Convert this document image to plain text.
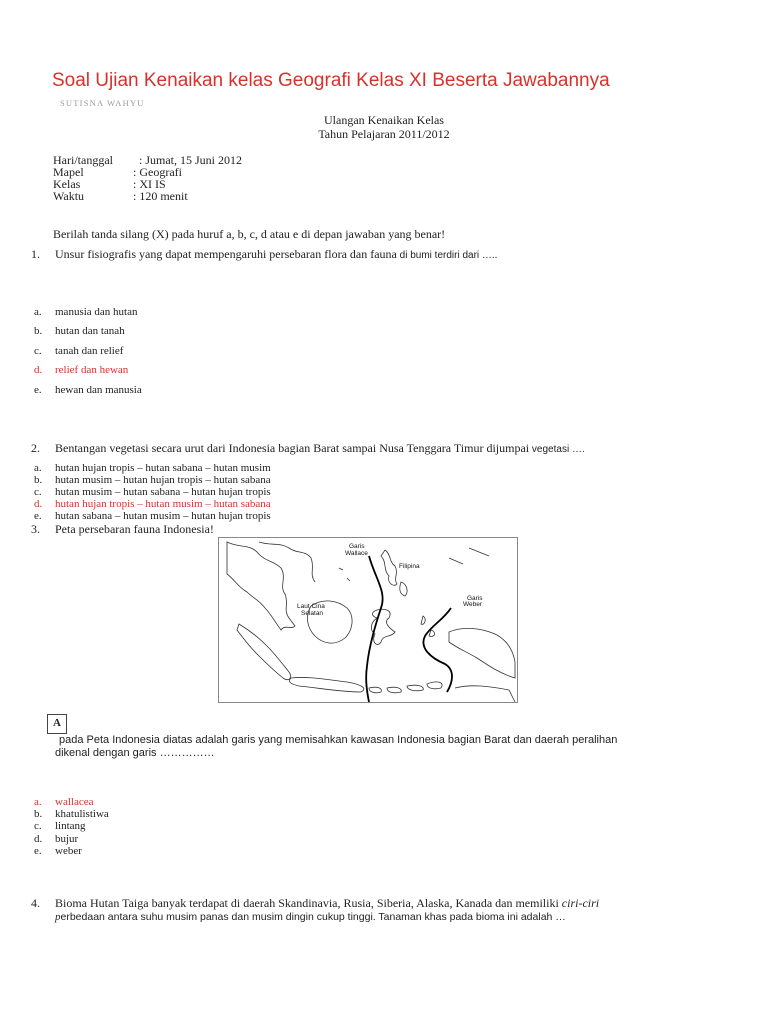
Soal Ujian Kenaikan kelas Geografi Kelas XI Beserta Jawabannya
SUTISNA WAHYU
Ulangan Kenaikan Kelas
Tahun Pelajaran 2011/2012
Hari/tanggal : Jumat, 15 Juni 2012
Mapel	: Geografi
Kelas	: XI IS
Waktu	: 120 menit
Berilah tanda silang (X) pada huruf a, b, c, d atau e di depan jawaban yang benar!
1. Unsur fisiografis yang dapat mempengaruhi persebaran flora dan fauna di bumi terdiri dari …..
a. manusia dan hutan
b. hutan dan tanah
c. tanah dan relief
d. relief dan hewan
e. hewan dan manusia
2. Bentangan vegetasi secara urut dari Indonesia bagian Barat sampai Nusa Tenggara Timur dijumpai vegetasi ….
a. hutan hujan tropis – hutan sabana – hutan musim
b. hutan musim – hutan hujan tropis – hutan sabana
c. hutan musim – hutan sabana – hutan hujan tropis
d. hutan hujan tropis – hutan musim – hutan sabana
e. hutan sabana – hutan musim – hutan hujan tropis
3. Peta persebaran fauna Indonesia!
Garis
Wallace
Filipina
Garis
Weber
Laut Cina
Selatan
A
pada Peta Indonesia diatas adalah garis yang memisahkan kawasan Indonesia bagian Barat dan daerah peralihan
dikenal dengan garis ……………
a. wallacea
b. khatulistiwa
c. lintang
d. bujur
e. weber
4. Bioma Hutan Taiga banyak terdapat di daerah Skandinavia, Rusia, Siberia, Alaska, Kanada dan memiliki ciri-ciri
perbedaan antara suhu musim panas dan musim dingin cukup tinggi. Tanaman khas pada bioma ini adalah …
